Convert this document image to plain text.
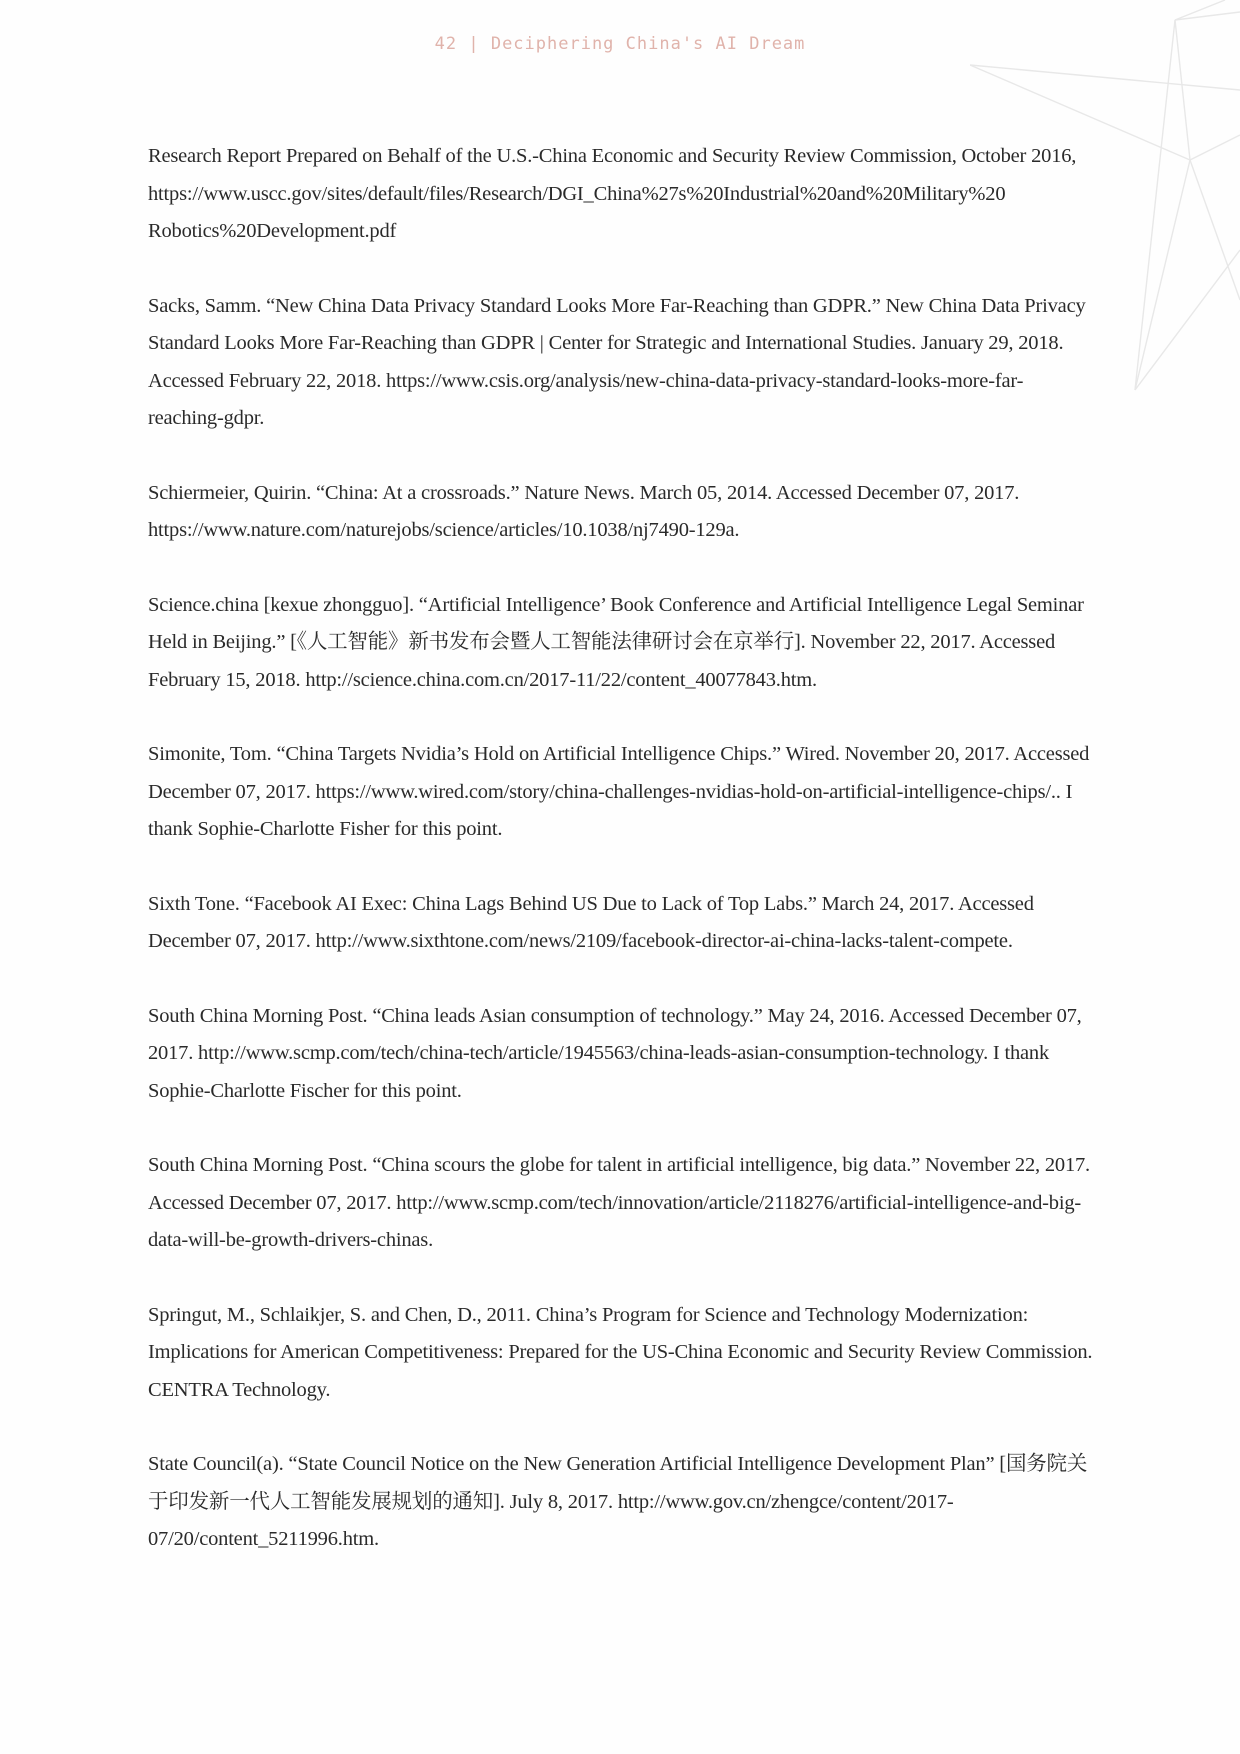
42 | Deciphering China's AI Dream

Research Report Prepared on Behalf of the U.S.-China Economic and Security Review Commission, October 2016, https://www.uscc.gov/sites/default/files/Research/DGI_China%27s%20Industrial%20and%20Military%20 Robotics%20Development.pdf

Sacks, Samm. “New China Data Privacy Standard Looks More Far-Reaching than GDPR.” New China Data Privacy Standard Looks More Far-Reaching than GDPR | Center for Strategic and International Studies. January 29, 2018. Accessed February 22, 2018. https://www.csis.org/analysis/new-china-data-privacy-standard-looks-more-far-reaching-gdpr.

Schiermeier, Quirin. “China: At a crossroads.” Nature News. March 05, 2014. Accessed December 07, 2017. https://www.nature.com/naturejobs/science/articles/10.1038/nj7490-129a.

Science.china [kexue zhongguo]. “Artificial Intelligence’ Book Conference and Artificial Intelligence Legal Seminar Held in Beijing.” [《人工智能》新书发布会暨人工智能法律研讨会在京举行]. November 22, 2017. Accessed February 15, 2018. http://science.china.com.cn/2017-11/22/content_40077843.htm.

Simonite, Tom. “China Targets Nvidia’s Hold on Artificial Intelligence Chips.” Wired. November 20, 2017. Accessed December 07, 2017. https://www.wired.com/story/china-challenges-nvidias-hold-on-artificial-intelligence-chips/.. I thank Sophie-Charlotte Fisher for this point.

Sixth Tone. “Facebook AI Exec: China Lags Behind US Due to Lack of Top Labs.” March 24, 2017. Accessed December 07, 2017. http://www.sixthtone.com/news/2109/facebook-director-ai-china-lacks-talent-compete.

South China Morning Post. “China leads Asian consumption of technology.” May 24, 2016. Accessed December 07, 2017. http://www.scmp.com/tech/china-tech/article/1945563/china-leads-asian-consumption-technology. I thank Sophie-Charlotte Fischer for this point.

South China Morning Post. “China scours the globe for talent in artificial intelligence, big data.” November 22, 2017. Accessed December 07, 2017. http://www.scmp.com/tech/innovation/article/2118276/artificial-intelligence-and-big-data-will-be-growth-drivers-chinas.

Springut, M., Schlaikjer, S. and Chen, D., 2011. China’s Program for Science and Technology Modernization: Implications for American Competitiveness: Prepared for the US-China Economic and Security Review Commission. CENTRA Technology.

State Council(a). “State Council Notice on the New Generation Artificial Intelligence Development Plan” [国务院关于印发新一代人工智能发展规划的通知]. July 8, 2017. http://www.gov.cn/zhengce/content/2017-07/20/content_5211996.htm.
